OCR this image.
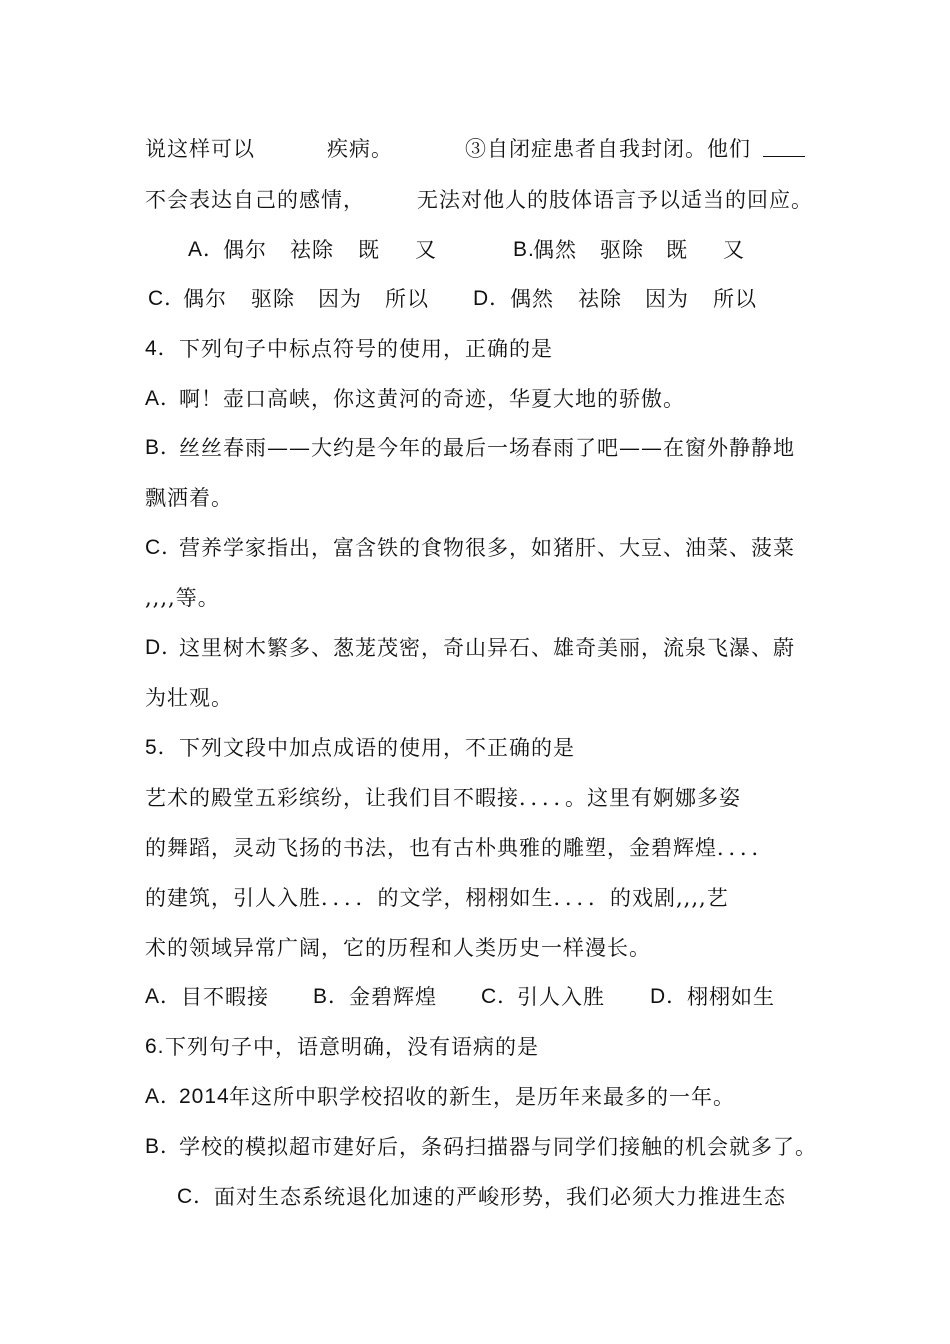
说这样可以	疾病。	③自闭症患者自我封闭。他们
不会表达自己的感情， 无法对他人的肢体语言予以适当的回应。
A．
偶尔 祛除 既 又	B.
偶然 驱除 既 又
C．
偶尔 驱除 因为 所以 D．
偶然 祛除 因为 所以
4． 下列句子中标点符号的使用，正确的是
A．
啊！壶口高峡，你这黄河的奇迹，华夏大地的骄傲。
B．
丝丝春雨——大约是今年的最后一场春雨了吧——在窗外静静地
飘洒着。
C．
营养学家指出，富含铁的食物很多，如猪肝、大豆、油菜、菠菜
,,,,等。
D．
这里树木繁多、葱茏茂密，奇山异石、雄奇美丽，流泉飞瀑、蔚
为壮观。
5． 下列文段中加点成语的使用，不正确的是
艺术的殿堂五彩缤纷，让我们目不暇接．．．．。这里有婀娜多姿
的舞蹈，灵动飞扬的书法，也有古朴典雅的雕塑，金碧辉煌．．．．
的建筑，引人入胜．．．．的文学，栩栩如生．．．．的戏剧,,,,艺
术的领域异常广阔，它的历程和人类历史一样漫长。
A．
目不暇接 B．
金碧辉煌 C．
引人入胜 D．
栩栩如生
6. 下列句子中，语意明确，没有语病的是
A．
2014 年这所中职学校招收的新生，是历年来最多的一年。
B．
学校的模拟超市建好后，条码扫描器与同学们接触的机会就多了。
C．
面对生态系统退化加速的严峻形势，我们必须大力推进生态
